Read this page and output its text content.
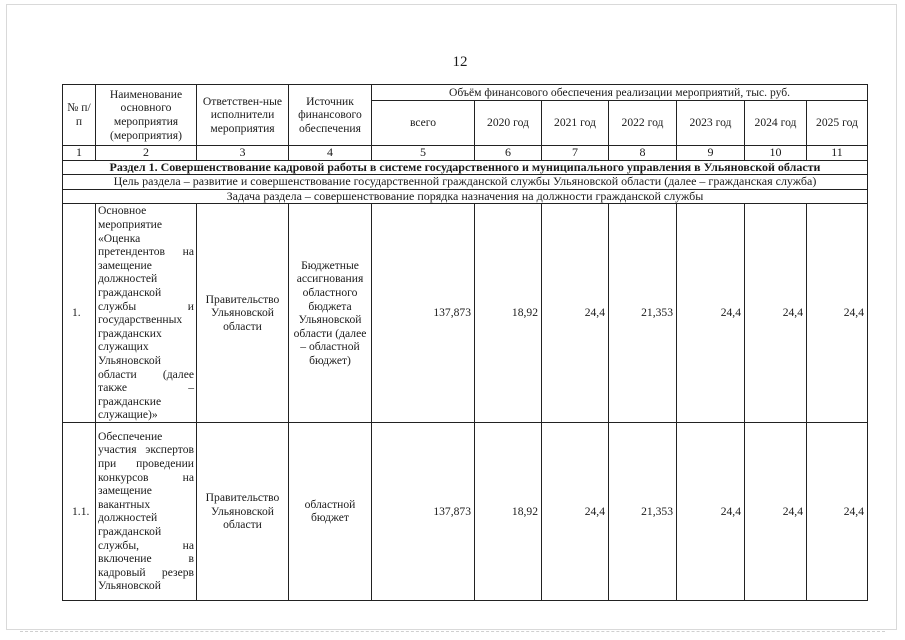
12
№ п/п	Наименование основного мероприятия (мероприятия)	Ответствен-ные исполнители мероприятия	Источник финансового обеспечения	Объём финансового обеспечения реализации мероприятий, тыс. руб.						
				всего	2020 год	2021 год	2022 год	2023 год	2024 год	2025 год
1	2	3	4	5	6	7	8	9	10	11
Раздел 1. Совершенствование кадровой работы в системе государственного и муниципального управления в Ульяновской области										
Цель раздела – развитие и совершенствование государственной гражданской службы Ульяновской области (далее – гражданская служба)										
Задача раздела – совершенствование порядка назначения на должности гражданской службы										
1.	Основное мероприятие «Оценка претендентов на замещение должностей гражданской службы и государственных гражданских служащих Ульяновской области (далее также – гражданские служащие)»	Правительство Ульяновской области	Бюджетные ассигнования областного бюджета Ульяновской области (далее – областной бюджет)	137,873	18,92	24,4	21,353	24,4	24,4	24,4
1.1.	Обеспечение участия экспертов при проведении конкурсов на замещение вакантных должностей гражданской службы, на включение в кадровый резерв Ульяновской	Правительство Ульяновской области	областной бюджет	137,873	18,92	24,4	21,353	24,4	24,4	24,4
